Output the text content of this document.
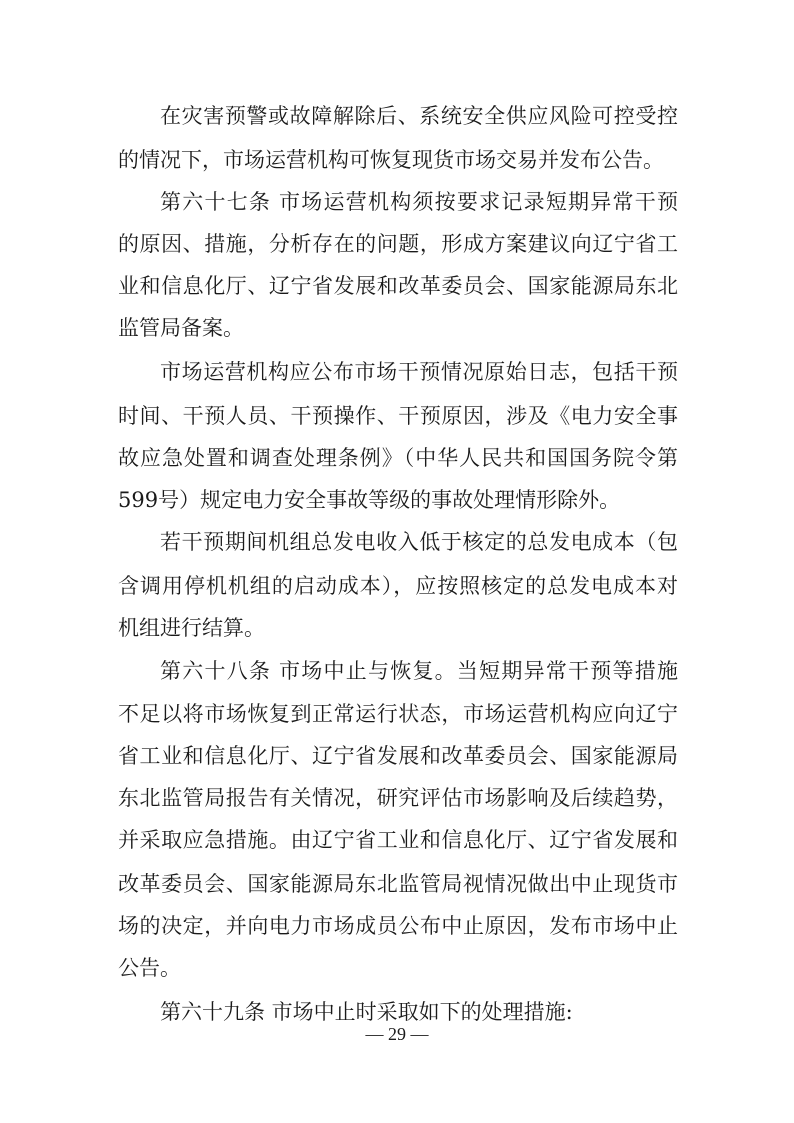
在灾害预警或故障解除后、系统安全供应风险可控受控
的情况下，市场运营机构可恢复现货市场交易并发布公告。
第六十七条 市场运营机构须按要求记录短期异常干预
的原因、措施，分析存在的问题，形成方案建议向辽宁省工
业和信息化厅、辽宁省发展和改革委员会、国家能源局东北
监管局备案。
市场运营机构应公布市场干预情况原始日志，包括干预
时间、干预人员、干预操作、干预原因，涉及《电力安全事
故应急处置和调查处理条例》（中华人民共和国国务院令第
599号）规定电力安全事故等级的事故处理情形除外。
若干预期间机组总发电收入低于核定的总发电成本（包
含调用停机机组的启动成本），应按照核定的总发电成本对
机组进行结算。
第六十八条 市场中止与恢复。当短期异常干预等措施
不足以将市场恢复到正常运行状态，市场运营机构应向辽宁
省工业和信息化厅、辽宁省发展和改革委员会、国家能源局
东北监管局报告有关情况，研究评估市场影响及后续趋势，
并采取应急措施。由辽宁省工业和信息化厅、辽宁省发展和
改革委员会、国家能源局东北监管局视情况做出中止现货市
场的决定，并向电力市场成员公布中止原因，发布市场中止
公告。
第六十九条 市场中止时采取如下的处理措施:
— 29 —
